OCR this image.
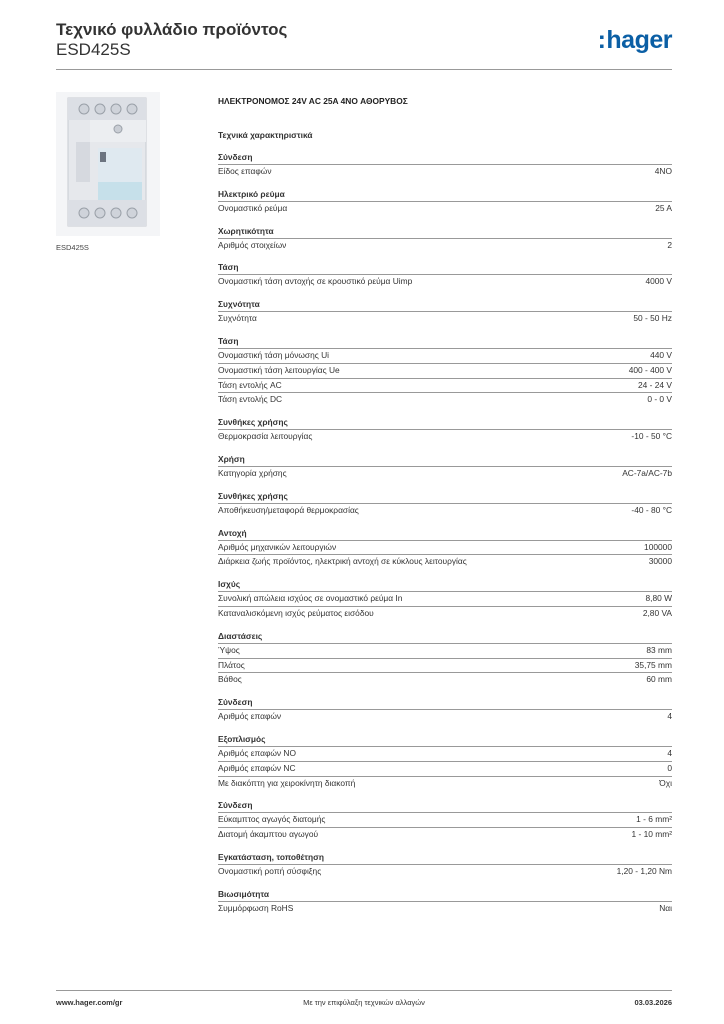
Τεχνικό φυλλάδιο προϊόντος
ESD425S	:hager
ESD425S
ΗΛΕΚΤΡΟΝΟΜΟΣ 24V AC 25A 4NO ΑΘΟΡΥΒΟΣ
Τεχνικά χαρακτηριστικά
Σύνδεση
Είδος επαφών	4NO
Ηλεκτρικό ρεύμα
Ονομαστικό ρεύμα	25 A
Χωρητικότητα
Αριθμός στοιχείων	2
Τάση
Ονομαστική τάση αντοχής σε κρουστικό ρεύμα Uimp	4000 V
Συχνότητα
Συχνότητα	50 - 50 Hz
Τάση
Ονομαστική τάση μόνωσης Ui	440 V
Ονομαστική τάση λειτουργίας Ue	400 - 400 V
Τάση εντολής AC	24 - 24 V
Τάση εντολής DC	0 - 0 V
Συνθήκες χρήσης
Θερμοκρασία λειτουργίας	-10 - 50 °C
Χρήση
Κατηγορία χρήσης	AC-7a/AC-7b
Συνθήκες χρήσης
Αποθήκευση/μεταφορά θερμοκρασίας	-40 - 80 °C
Αντοχή
Αριθμός μηχανικών λειτουργιών	100000
Διάρκεια ζωής προϊόντος, ηλεκτρική αντοχή σε κύκλους λειτουργίας	30000
Ισχύς
Συνολική απώλεια ισχύος σε ονομαστικό ρεύμα In	8,80 W
Καταναλισκόμενη ισχύς ρεύματος εισόδου	2,80 VA
Διαστάσεις
Ύψος	83 mm
Πλάτος	35,75 mm
Βάθος	60 mm
Σύνδεση
Αριθμός επαφών	4
Εξοπλισμός
Αριθμός επαφών NO	4
Αριθμός επαφών NC	0
Με διακόπτη για χειροκίνητη διακοπή	Όχι
Σύνδεση
Εύκαμπτος αγωγός διατομής	1 - 6 mm²
Διατομή άκαμπτου αγωγού	1 - 10 mm²
Εγκατάσταση, τοποθέτηση
Ονομαστική ροπή σύσφιξης	1,20 - 1,20 Nm
Βιωσιμότητα
Συμμόρφωση RoHS	Ναι
www.hager.com/gr	Με την επιφύλαξη τεχνικών αλλαγών	03.03.2026
